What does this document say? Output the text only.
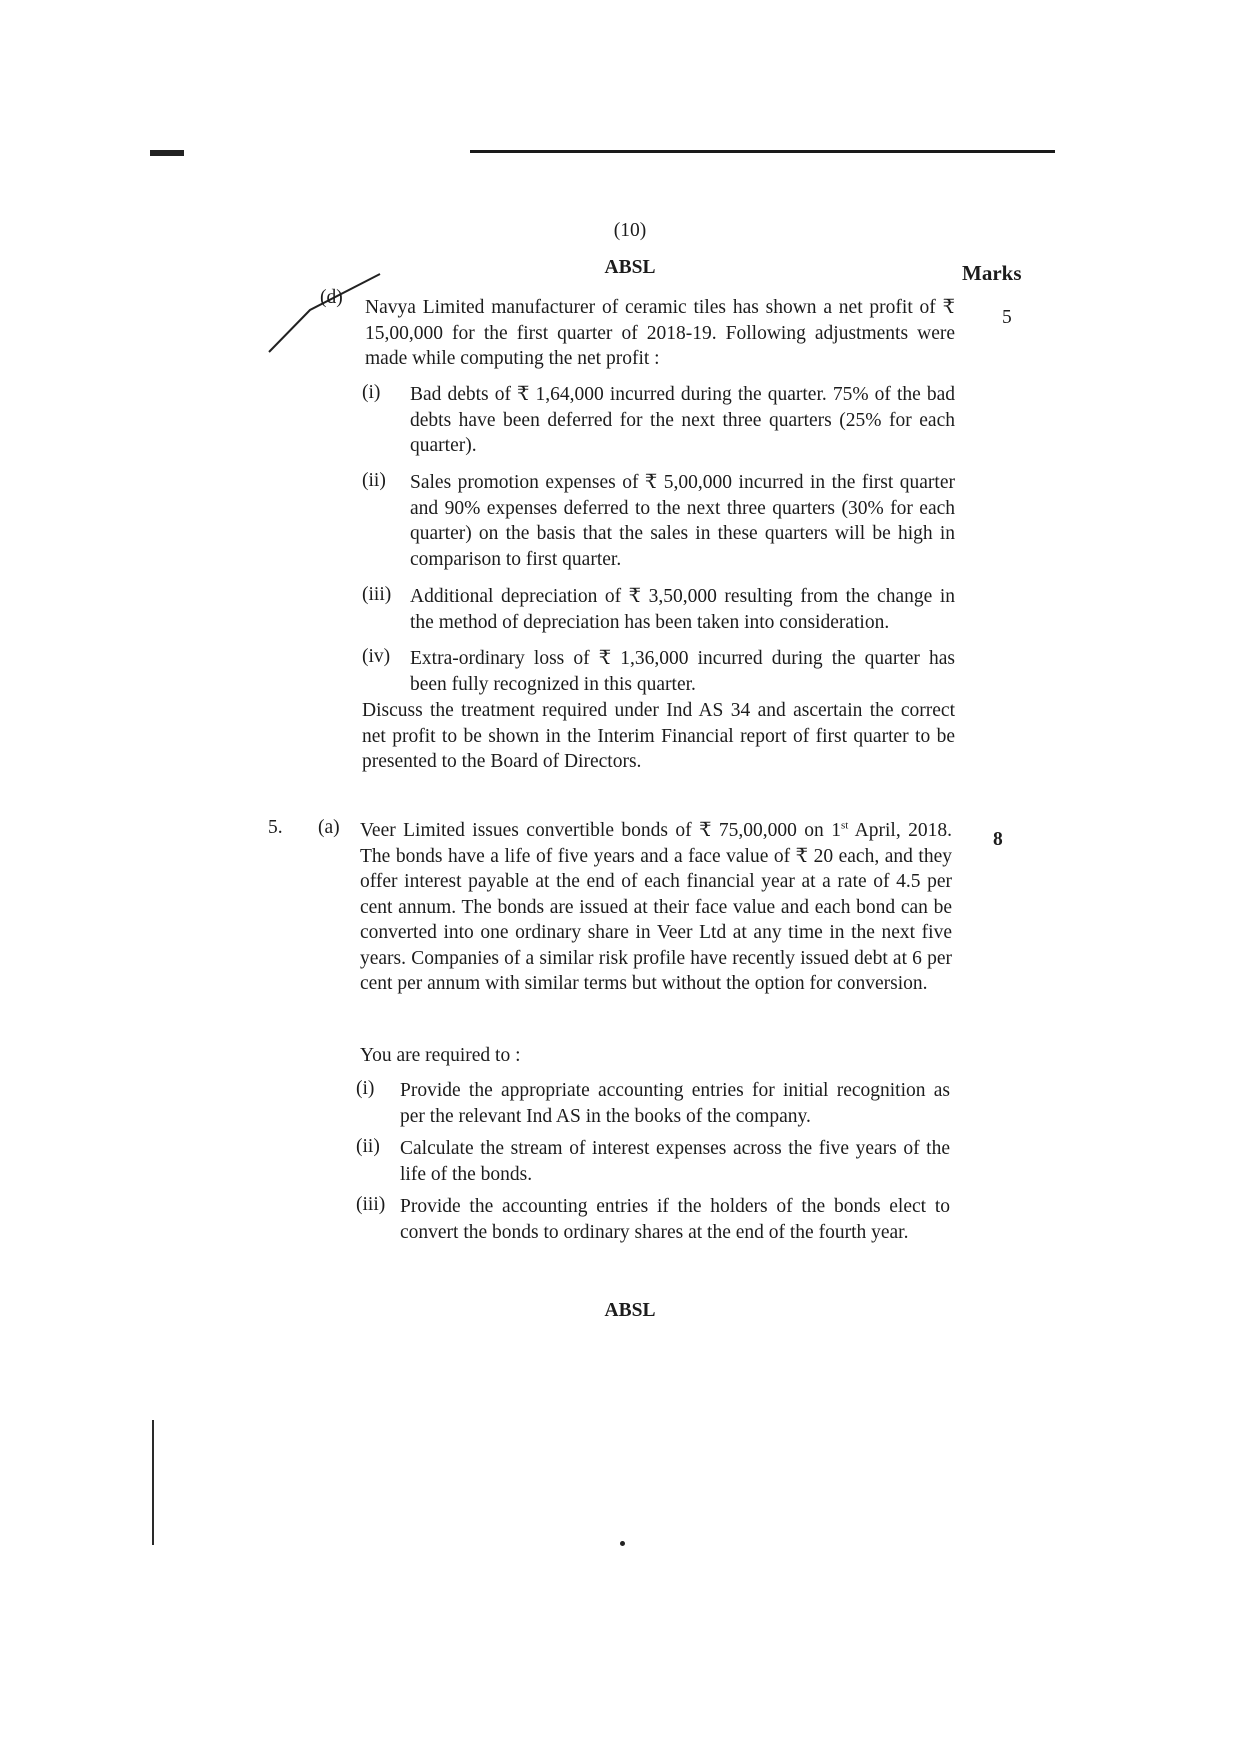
(10)
ABSL	Marks
(d)
5
Navya Limited manufacturer of ceramic tiles has shown a net profit of ₹ 15,00,000 for the first quarter of 2018-19. Following adjustments were made while computing the net profit :
(i) Bad debts of ₹ 1,64,000 incurred during the quarter. 75% of the bad debts have been deferred for the next three quarters (25% for each quarter).
(ii) Sales promotion expenses of ₹ 5,00,000 incurred in the first quarter and 90% expenses deferred to the next three quarters (30% for each quarter) on the basis that the sales in these quarters will be high in comparison to first quarter.
(iii) Additional depreciation of ₹ 3,50,000 resulting from the change in the method of depreciation has been taken into consideration.
(iv) Extra-ordinary loss of ₹ 1,36,000 incurred during the quarter has been fully recognized in this quarter.
Discuss the treatment required under Ind AS 34 and ascertain the correct net profit to be shown in the Interim Financial report of first quarter to be presented to the Board of Directors.
5. (a)
8
Veer Limited issues convertible bonds of ₹ 75,00,000 on 1st April, 2018. The bonds have a life of five years and a face value of ₹ 20 each, and they offer interest payable at the end of each financial year at a rate of 4.5 per cent annum. The bonds are issued at their face value and each bond can be converted into one ordinary share in Veer Ltd at any time in the next five years. Companies of a similar risk profile have recently issued debt at 6 per cent per annum with similar terms but without the option for conversion.
You are required to :
(i) Provide the appropriate accounting entries for initial recognition as per the relevant Ind AS in the books of the company.
(ii) Calculate the stream of interest expenses across the five years of the life of the bonds.
(iii) Provide the accounting entries if the holders of the bonds elect to convert the bonds to ordinary shares at the end of the fourth year.
ABSL
